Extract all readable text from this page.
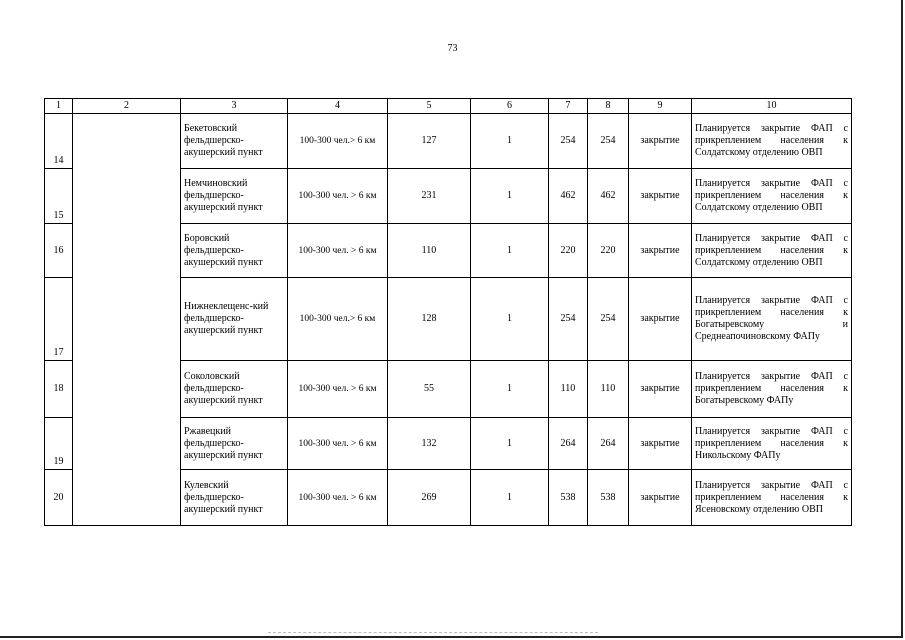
73
1	2	3	4	5	6	7	8	9	10
14		Бекетовский фельдшерско-акушерский пункт	100-300 чел.> 6 км	127	1	254	254	закрытие	Планируется закрытие ФАП с прикреплением населения к Солдатскому отделению ОВП
15		Немчиновский фельдшерско-акушерский пункт	100-300 чел. > 6 км	231	1	462	462	закрытие	Планируется закрытие ФАП с прикреплением населения к Солдатскому отделению ОВП
16		Боровский фельдшерско-акушерский пункт	100-300 чел. > 6 км	110	1	220	220	закрытие	Планируется закрытие ФАП с прикреплением населения к Солдатскому отделению ОВП
17		Нижнеклещенс-кий фельдшерско-акушерский пункт	100-300 чел.> 6 км	128	1	254	254	закрытие	Планируется закрытие ФАП с прикреплением населения к Богатыревскому и Среднеапочиновскому ФАПу
18		Соколовский фельдшерско-акушерский пункт	100-300 чел. > 6 км	55	1	110	110	закрытие	Планируется закрытие ФАП с прикреплением населения к Богатыревскому ФАПу
19		Ржавецкий фельдшерско-акушерский пункт	100-300 чел. > 6 км	132	1	264	264	закрытие	Планируется закрытие ФАП с прикреплением населения к Никольскому ФАПу
20		Кулевский фельдшерско-акушерский пункт	100-300 чел. > 6 км	269	1	538	538	закрытие	Планируется закрытие ФАП с прикреплением населения к Ясеновскому отделению ОВП
